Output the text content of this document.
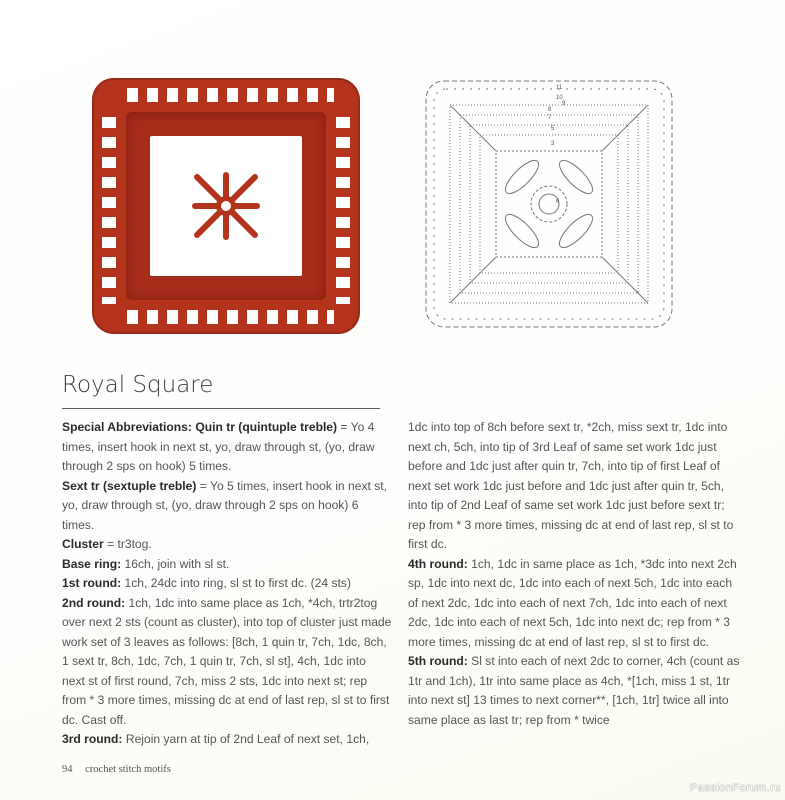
3
5
6
7
8
9
10
11
Royal Square

Special Abbreviations: Quin tr (quintuple treble) = Yo 4 times, insert hook in next st, yo, draw through st, (yo, draw through 2 sps on hook) 5 times.

Sext tr (sextuple treble) = Yo 5 times, insert hook in next st, yo, draw through st, (yo, draw through 2 sps on hook) 6 times.

Cluster = tr3tog.

Base ring: 16ch, join with sl st.

1st round: 1ch, 24dc into ring, sl st to first dc. (24 sts)

2nd round: 1ch, 1dc into same place as 1ch, *4ch, trtr2tog over next 2 sts (count as cluster), into top of cluster just made work set of 3 leaves as follows: [8ch, 1 quin tr, 7ch, 1dc, 8ch, 1 sext tr, 8ch, 1dc, 7ch, 1 quin tr, 7ch, sl st], 4ch, 1dc into next st of first round, 7ch, miss 2 sts, 1dc into next st; rep from * 3 more times, missing dc at end of last rep, sl st to first dc. Cast off.

3rd round: Rejoin yarn at tip of 2nd Leaf of next set, 1ch,

1dc into top of 8ch before sext tr, *2ch, miss sext tr, 1dc into next ch, 5ch, into tip of 3rd Leaf of same set work 1dc just before and 1dc just after quin tr, 7ch, into tip of first Leaf of next set work 1dc just before and 1dc just after quin tr, 5ch, into tip of 2nd Leaf of same set work 1dc just before sext tr; rep from * 3 more times, missing dc at end of last rep, sl st to first dc.

4th round: 1ch, 1dc in same place as 1ch, *3dc into next 2ch sp, 1dc into next dc, 1dc into each of next 5ch, 1dc into each of next 2dc, 1dc into each of next 7ch, 1dc into each of next 2dc, 1dc into each of next 5ch, 1dc into next dc; rep from * 3 more times, missing dc at end of last rep, sl st to first dc.

5th round: Sl st into each of next 2dc to corner, 4ch (count as 1tr and 1ch), 1tr into same place as 4ch, *[1ch, miss 1 st, 1tr into next st] 13 times to next corner**, [1ch, 1tr] twice all into same place as last tr; rep from * twice

94 crochet stitch motifs
PassionForum.ru
